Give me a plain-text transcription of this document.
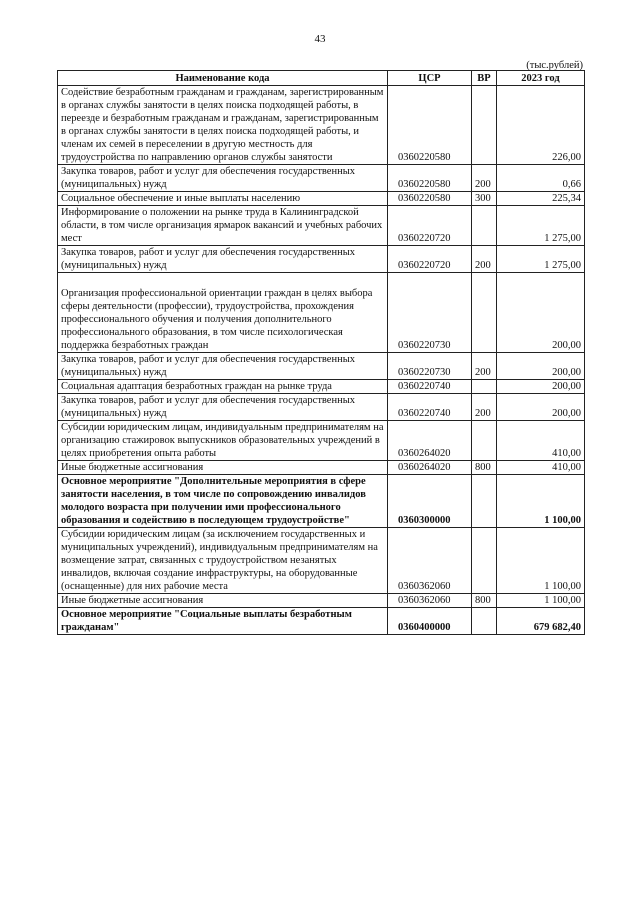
43
(тыс.рублей)
Наименование кода	ЦСР	ВР	2023 год
Содействие безработным гражданам и гражданам, зарегистрированным в органах службы занятости в целях поиска подходящей работы, в переезде и безработным гражданам и гражданам, зарегистрированным в органах службы занятости в целях поиска подходящей работы, и членам их семей в переселении в другую местность для трудоустройства по направлению органов службы занятости	0360220580		226,00
Закупка товаров, работ и услуг для обеспечения государственных (муниципальных) нужд	0360220580	200	0,66
Социальное обеспечение и иные выплаты населению	0360220580	300	225,34
Информирование о положении на рынке труда в Калининградской области, в том числе организация ярмарок вакансий и учебных рабочих мест	0360220720		1 275,00
Закупка товаров, работ и услуг для обеспечения государственных (муниципальных) нужд	0360220720	200	1 275,00
Организация профессиональной ориентации граждан в целях выбора сферы деятельности (профессии), трудоустройства, прохождения профессионального обучения и получения дополнительного профессионального образования, в том числе психологическая поддержка безработных граждан	0360220730		200,00
Закупка товаров, работ и услуг для обеспечения государственных (муниципальных) нужд	0360220730	200	200,00
Социальная адаптация безработных граждан на рынке труда	0360220740		200,00
Закупка товаров, работ и услуг для обеспечения государственных (муниципальных) нужд	0360220740	200	200,00
Субсидии юридическим лицам, индивидуальным предпринимателям на организацию стажировок выпускников образовательных учреждений в целях приобретения опыта работы	0360264020		410,00
Иные бюджетные ассигнования	0360264020	800	410,00
Основное мероприятие "Дополнительные мероприятия в сфере занятости населения, в том числе по сопровождению инвалидов молодого возраста при получении ими профессионального образования и содействию в последующем трудоустройстве"	0360300000		1 100,00
Субсидии юридическим лицам (за исключением государственных и муниципальных учреждений), индивидуальным предпринимателям на возмещение затрат, связанных с трудоустройством незанятых инвалидов, включая создание инфраструктуры, на оборудованные (оснащенные) для них рабочие места	0360362060		1 100,00
Иные бюджетные ассигнования	0360362060	800	1 100,00
Основное мероприятие "Социальные выплаты безработным гражданам"	0360400000		679 682,40
